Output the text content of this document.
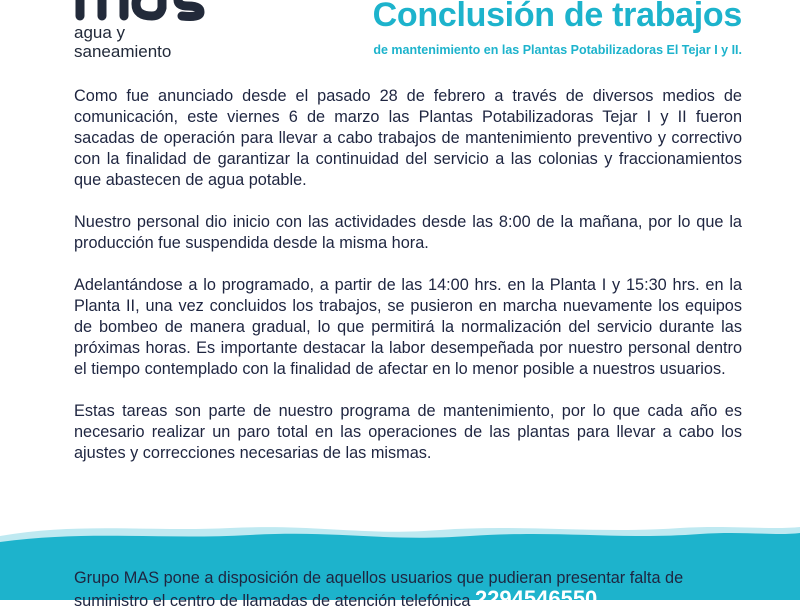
agua y
saneamiento
Conclusión de trabajos
de mantenimiento en las Plantas Potabilizadoras El Tejar I y II.

Como fue anunciado desde el pasado 28 de febrero a través de diversos medios de comunicación, este viernes 6 de marzo las Plantas Potabilizadoras Tejar I y II fueron sacadas de operación para llevar a cabo trabajos de mantenimiento preventivo y correctivo con la finalidad de garantizar la continuidad del servicio a las colonias y fraccionamientos que abastecen de agua potable.

Nuestro personal dio inicio con las actividades desde las 8:00 de la mañana, por lo que la producción fue suspendida desde la misma hora.

Adelantándose a lo programado, a partir de las 14:00 hrs. en la Planta I y 15:30 hrs. en la Planta II, una vez concluidos los trabajos, se pusieron en marcha nuevamente los equipos de bombeo de manera gradual, lo que permitirá la normalización del servicio durante las próximas horas. Es importante destacar la labor desempeñada por nuestro personal dentro el tiempo contemplado con la finalidad de afectar en lo menor posible a nuestros usuarios.

Estas tareas son parte de nuestro programa de mantenimiento, por lo que cada año es necesario realizar un paro total en las operaciones de las plantas para llevar a cabo los ajustes y correcciones necesarias de las mismas.

Grupo MAS pone a disposición de aquellos usuarios que pudieran presentar falta de
suministro el centro de llamadas de atención telefónica 2294546550
